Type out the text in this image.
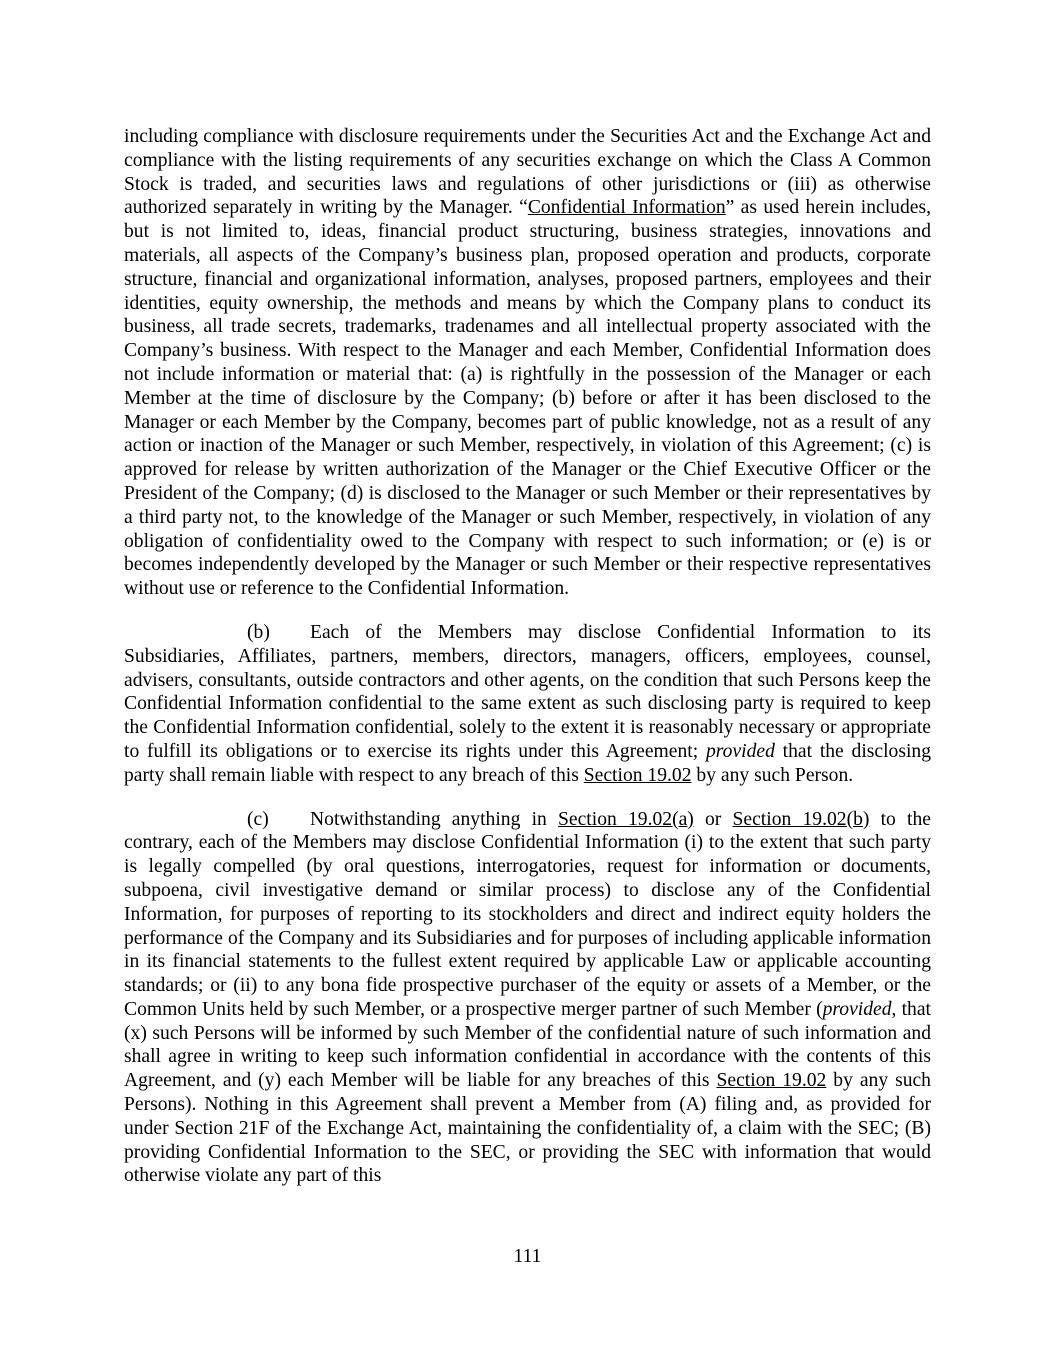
including compliance with disclosure requirements under the Securities Act and the Exchange Act and compliance with the listing requirements of any securities exchange on which the Class A Common Stock is traded, and securities laws and regulations of other jurisdictions or (iii) as otherwise authorized separately in writing by the Manager. “Confidential Information” as used herein includes, but is not limited to, ideas, financial product structuring, business strategies, innovations and materials, all aspects of the Company’s business plan, proposed operation and products, corporate structure, financial and organizational information, analyses, proposed partners, employees and their identities, equity ownership, the methods and means by which the Company plans to conduct its business, all trade secrets, trademarks, tradenames and all intellectual property associated with the Company’s business. With respect to the Manager and each Member, Confidential Information does not include information or material that: (a) is rightfully in the possession of the Manager or each Member at the time of disclosure by the Company; (b) before or after it has been disclosed to the Manager or each Member by the Company, becomes part of public knowledge, not as a result of any action or inaction of the Manager or such Member, respectively, in violation of this Agreement; (c) is approved for release by written authorization of the Manager or the Chief Executive Officer or the President of the Company; (d) is disclosed to the Manager or such Member or their representatives by a third party not, to the knowledge of the Manager or such Member, respectively, in violation of any obligation of confidentiality owed to the Company with respect to such information; or (e) is or becomes independently developed by the Manager or such Member or their respective representatives without use or reference to the Confidential Information.

(b) Each of the Members may disclose Confidential Information to its Subsidiaries, Affiliates, partners, members, directors, managers, officers, employees, counsel, advisers, consultants, outside contractors and other agents, on the condition that such Persons keep the Confidential Information confidential to the same extent as such disclosing party is required to keep the Confidential Information confidential, solely to the extent it is reasonably necessary or appropriate to fulfill its obligations or to exercise its rights under this Agreement; provided that the disclosing party shall remain liable with respect to any breach of this Section 19.02 by any such Person.

(c) Notwithstanding anything in Section 19.02(a) or Section 19.02(b) to the contrary, each of the Members may disclose Confidential Information (i) to the extent that such party is legally compelled (by oral questions, interrogatories, request for information or documents, subpoena, civil investigative demand or similar process) to disclose any of the Confidential Information, for purposes of reporting to its stockholders and direct and indirect equity holders the performance of the Company and its Subsidiaries and for purposes of including applicable information in its financial statements to the fullest extent required by applicable Law or applicable accounting standards; or (ii) to any bona fide prospective purchaser of the equity or assets of a Member, or the Common Units held by such Member, or a prospective merger partner of such Member (provided, that (x) such Persons will be informed by such Member of the confidential nature of such information and shall agree in writing to keep such information confidential in accordance with the contents of this Agreement, and (y) each Member will be liable for any breaches of this Section 19.02 by any such Persons). Nothing in this Agreement shall prevent a Member from (A) filing and, as provided for under Section 21F of the Exchange Act, maintaining the confidentiality of, a claim with the SEC; (B) providing Confidential Information to the SEC, or providing the SEC with information that would otherwise violate any part of this

111
